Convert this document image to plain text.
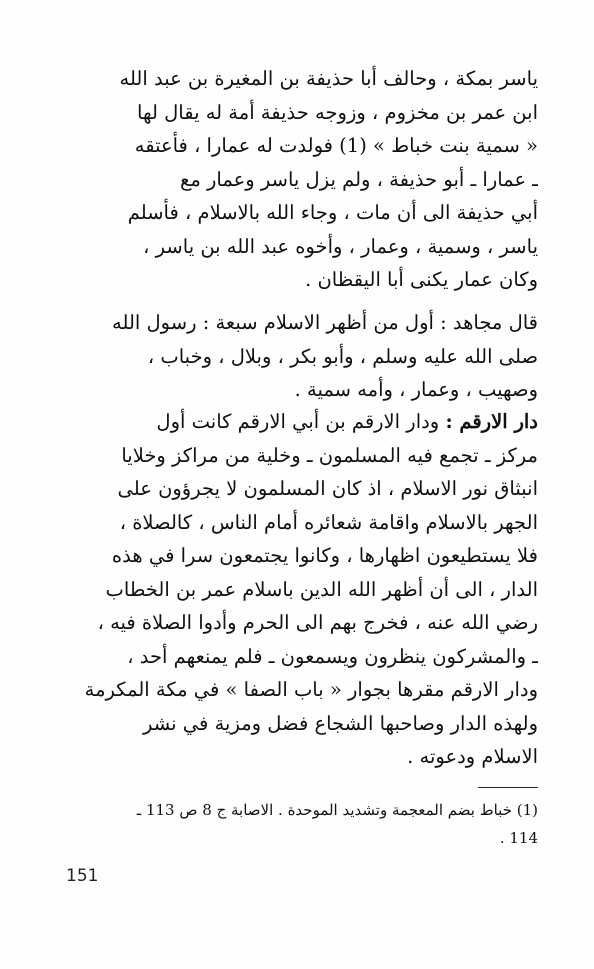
ياسر بمكة ، وحالف أبا حذيفة بن المغيرة بن عبد الله
ابن عمر بن مخزوم ، وزوجه حذيفة أمة له يقال لها
« سمية بنت خباط » (1) فولدت له عمارا ، فأعتقه
ـ عمارا ـ أبو حذيفة ، ولم يزل ياسر وعمار مع
أبي حذيفة الى أن مات ، وجاء الله بالاسلام ، فأسلم
ياسر ، وسمية ، وعمار ، وأخوه عبد الله بن ياسر ،
وكان عمار يكنى أبا اليقظان .
قال مجاهد : أول من أظهر الاسلام سبعة : رسول الله
صلى الله عليه وسلم ، وأبو بكر ، وبلال ، وخباب ،
وصهيب ، وعمار ، وأمه سمية .
دار الارقم : ودار الارقم بن أبي الارقم كانت أول
مركز ـ تجمع فيه المسلمون ـ وخلية من مراكز وخلايا
انبثاق نور الاسلام ، اذ كان المسلمون لا يجرؤون على
الجهر بالاسلام واقامة شعائره أمام الناس ، كالصلاة ،
فلا يستطيعون اظهارها ، وكانوا يجتمعون سرا في هذه
الدار ، الى أن أظهر الله الدين باسلام عمر بن الخطاب
رضي الله عنه ، فخرج بهم الى الحرم وأدوا الصلاة فيه ،
ـ والمشركون ينظرون ويسمعون ـ فلم يمنعهم أحد ،
ودار الارقم مقرها بجوار « باب الصفا » في مكة المكرمة
ولهذه الدار وصاحبها الشجاع فضل ومزية في نشر
الاسلام ودعوته .
(1) خباط بضم المعجمة وتشديد الموحدة . الاصابة ج 8 ص 113 ـ
114 .
151
